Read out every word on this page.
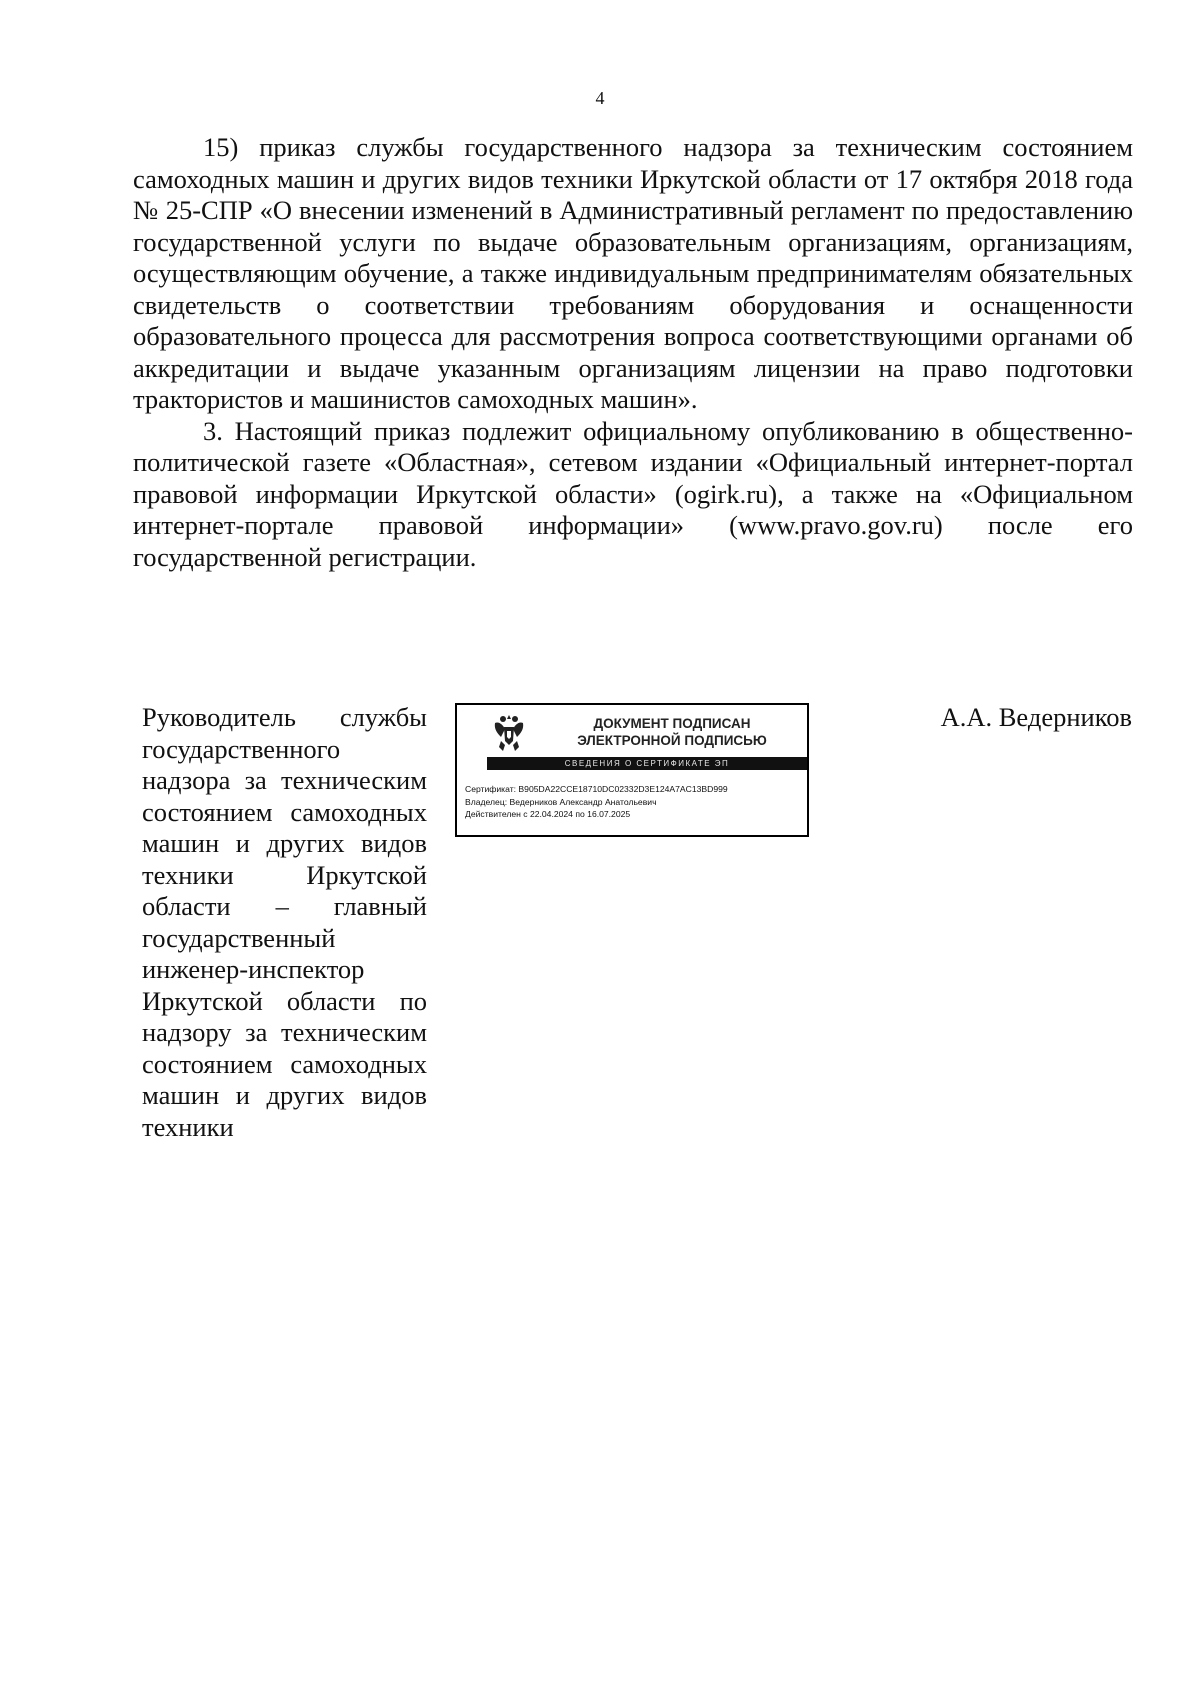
4

15) приказ службы государственного надзора за техническим состоянием самоходных машин и других видов техники Иркутской области от 17 октября 2018 года № 25-СПР «О внесении изменений в Административный регламент по предоставлению государственной услуги по выдаче образовательным организациям, организациям, осуществляющим обучение, а также индивидуальным предпринимателям обязательных свидетельств о соответствии требованиям оборудования и оснащенности образовательного процесса для рассмотрения вопроса соответствующими органами об аккредитации и выдаче указанным организациям лицензии на право подготовки трактористов и машинистов самоходных машин».

3. Настоящий приказ подлежит официальному опубликованию в общественно-политической газете «Областная», сетевом издании «Официальный интернет-портал правовой информации Иркутской области» (ogirk.ru), а также на «Официальном интернет-портале правовой информации» (www.pravo.gov.ru) после его государственной регистрации.

Руководитель службы государственного надзора за техническим состоянием самоходных машин и других видов техники Иркутской области – главный государственный инженер-инспектор Иркутской области по надзору за техническим состоянием самоходных машин и других видов техники
ДОКУМЕНТ ПОДПИСАН
ЭЛЕКТРОННОЙ ПОДПИСЬЮ
СВЕДЕНИЯ О СЕРТИФИКАТЕ ЭП
Сертификат: B905DA22CCE18710DC02332D3E124A7AC13BD999
Владелец: Ведерников Александр Анатольевич
Действителен с 22.04.2024 по 16.07.2025
А.А. Ведерников
